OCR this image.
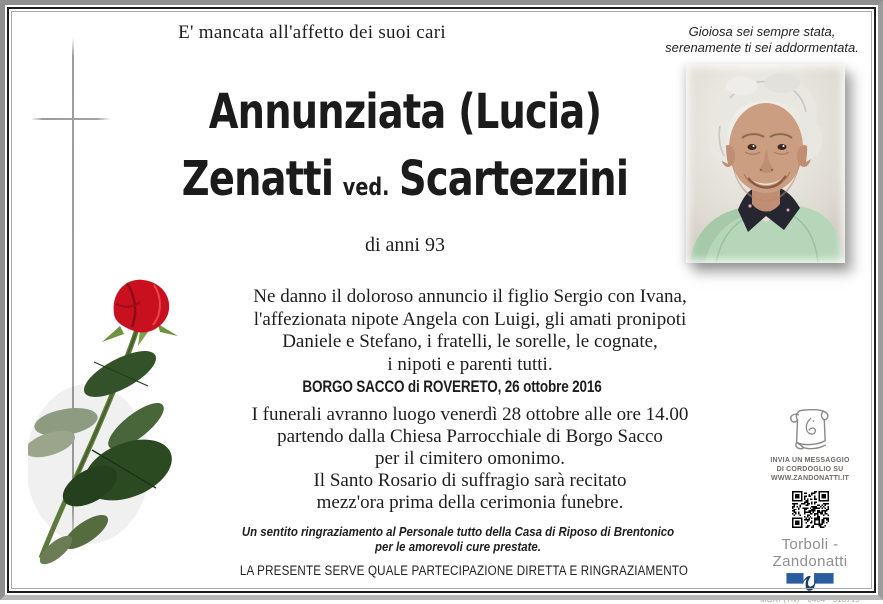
E' mancata all'affetto dei suoi cari	Gioiosa sei sempre stata,
serenamente ti sei addormentata.
Annunziata (Lucia)
Zenatti ved. Scartezzini
di anni 93
Ne danno il doloroso annuncio il figlio Sergio con Ivana,
l'affezionata nipote Angela con Luigi, gli amati pronipoti
Daniele e Stefano, i fratelli, le sorelle, le cognate,
i nipoti e parenti tutti.
BORGO SACCO di ROVERETO, 26 ottobre 2016
I funerali avranno luogo venerdì 28 ottobre alle ore 14.00
partendo dalla Chiesa Parrocchiale di Borgo Sacco
per il cimitero omonimo.
Il Santo Rosario di suffragio sarà recitato
mezz'ora prima della cerimonia funebre.
Un sentito ringraziamento al Personale tutto della Casa di Riposo di Brentonico
per le amorevoli cure prestate.
LA PRESENTE SERVE QUALE PARTECIPAZIONE DIRETTA E RINGRAZIAMENTO
INVIA UN MESSAGGIO
DI CORDOGLIO SU
WWW.ZANDONATTI.IT
Torboli - Zandonatti
MORI (TN) 0464 - 918715
